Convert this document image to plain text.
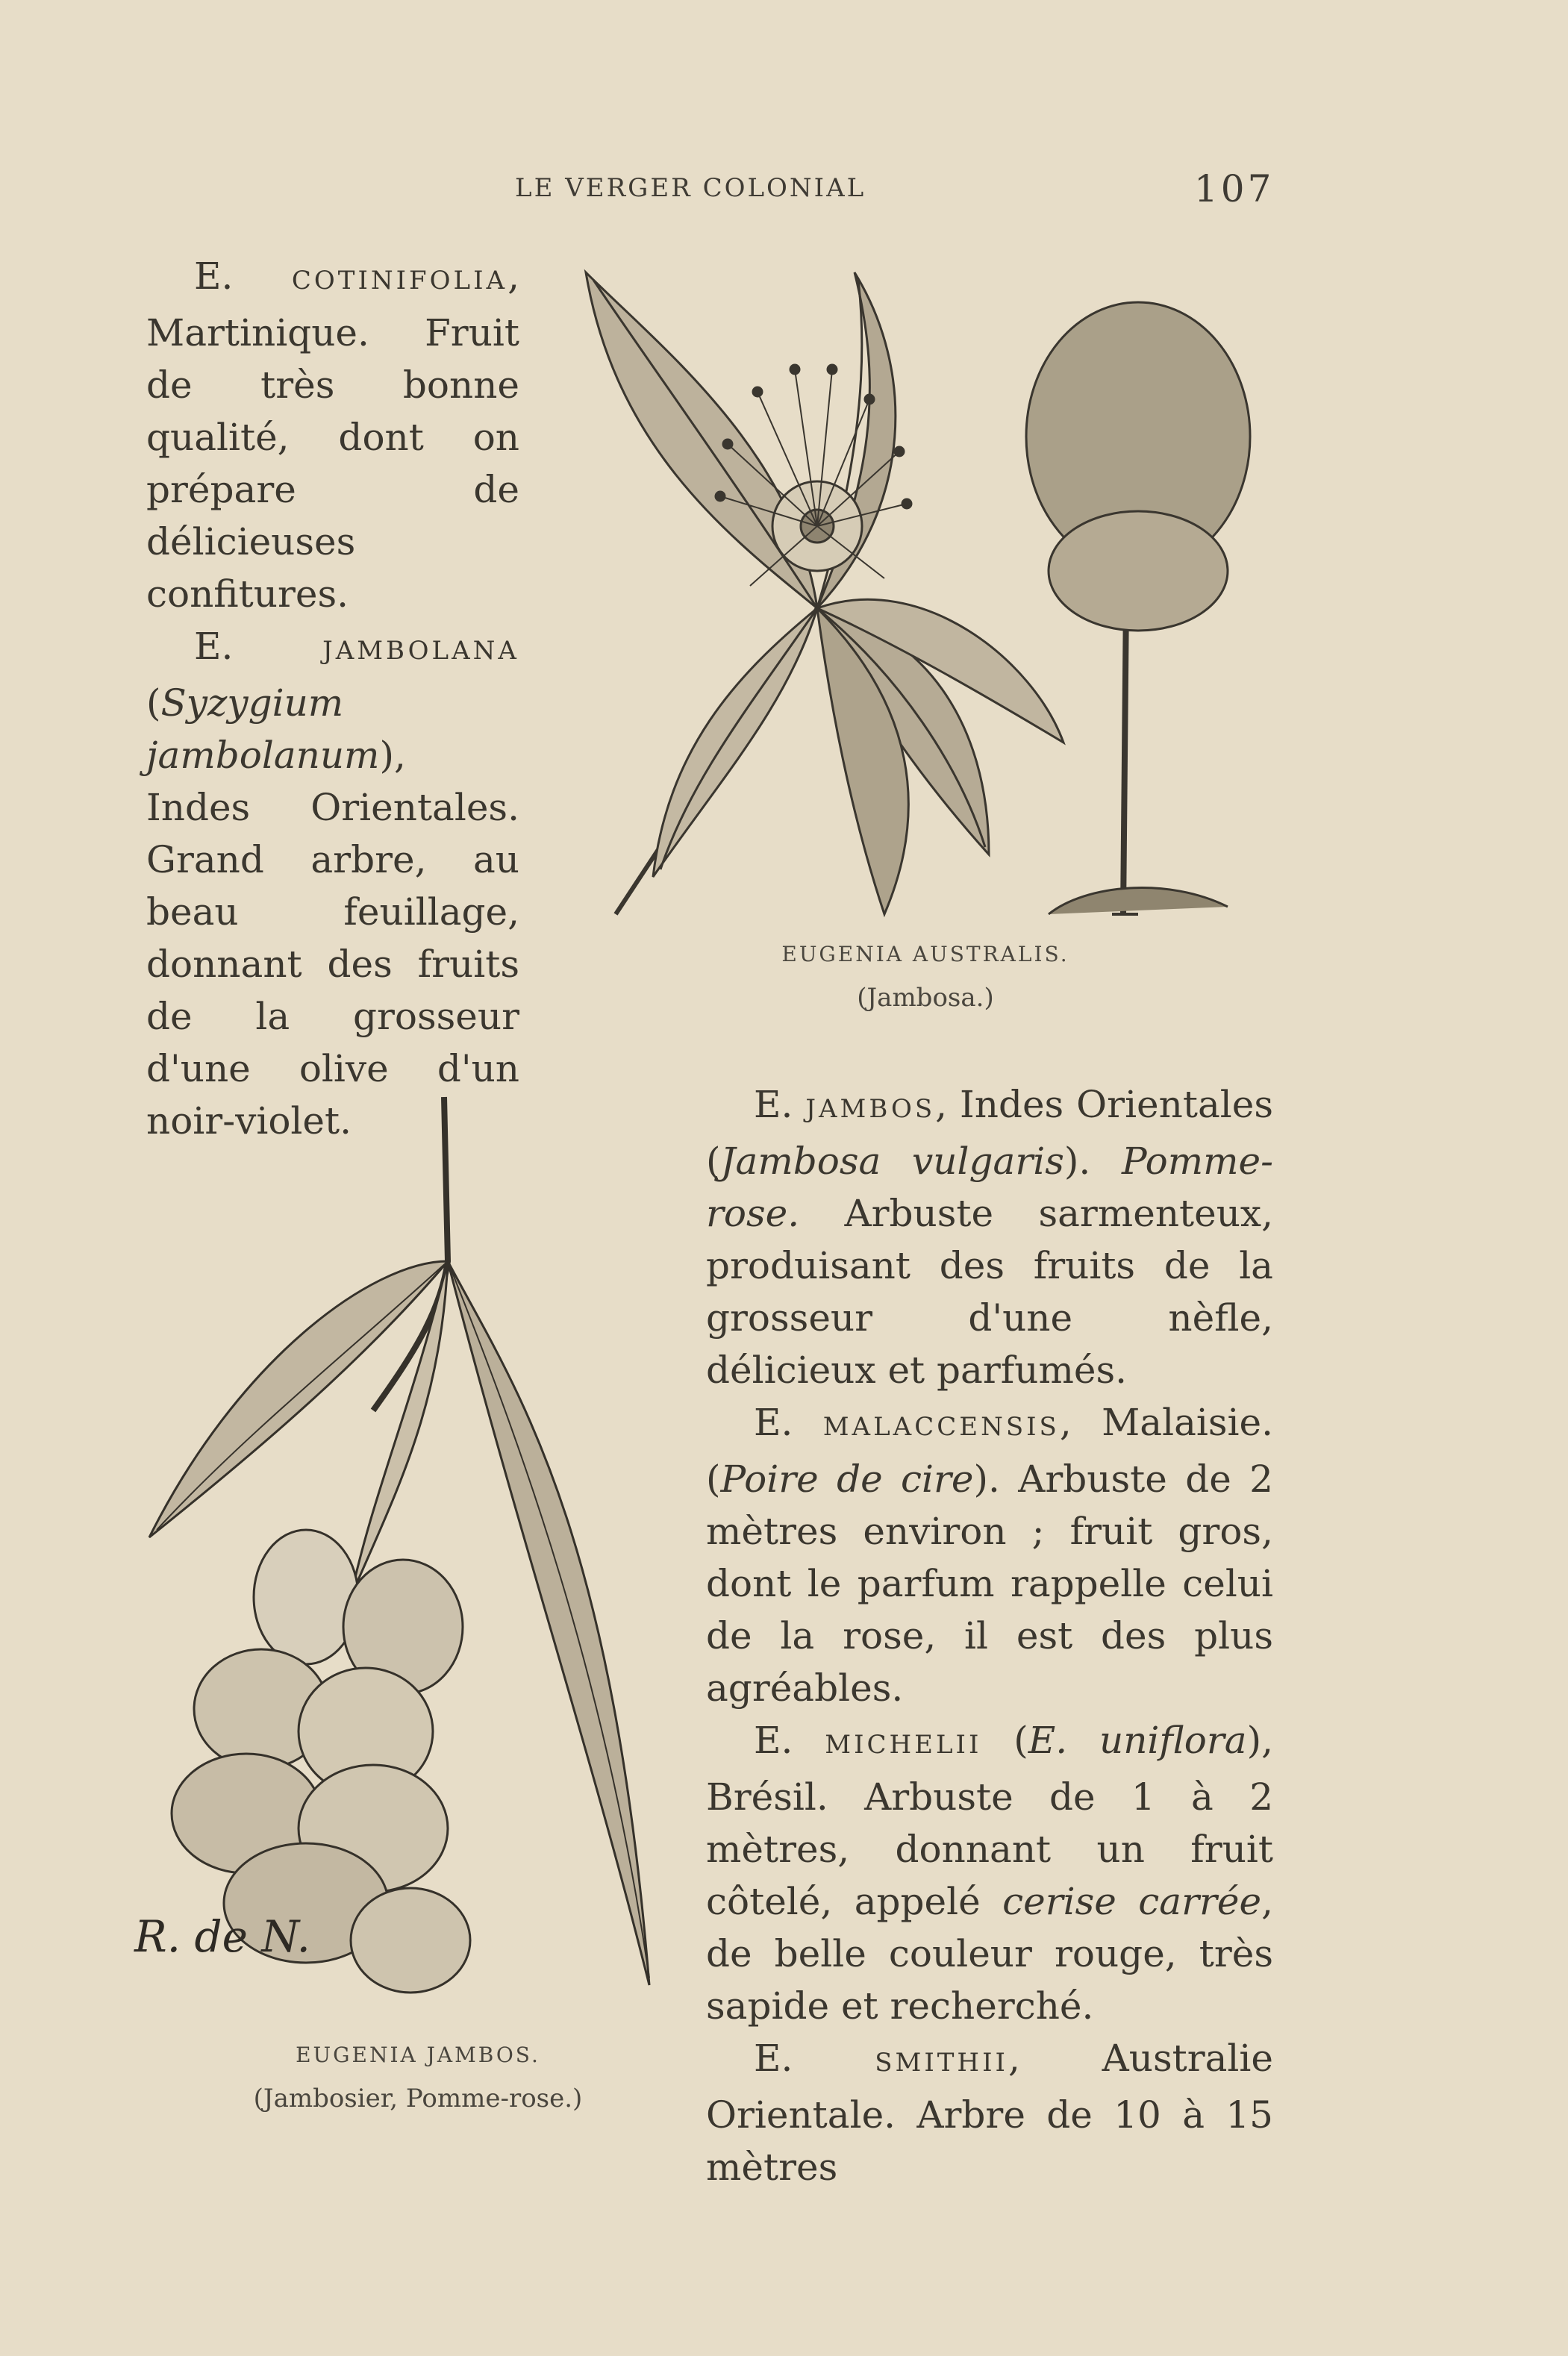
LE VERGER COLONIAL	107

E. COTINIFOLIA, Martinique. Fruit de très bonne qualité, dont on prépare de délicieuses confitures.

E.	JAMBOLANA (Syzygium jambolanum), Indes Orientales. Grand arbre, au beau feuillage, donnant des fruits de la grosseur d'une olive d'un noir-violet.

EUGENIA AUSTRALIS.
(Jambosa.)
R. de N.
EUGENIA JAMBOS.
(Jambosier, Pomme-rose.)

E. JAMBOS, Indes Orientales (Jambosa vulgaris). Pomme-rose. Arbuste sarmenteux, produisant des fruits de la grosseur d'une nèfle, délicieux et parfumés.

E. MALACCENSIS, Malaisie. (Poire de cire). Arbuste de 2 mètres environ ; fruit gros, dont le parfum rappelle celui de la rose, il est des plus agréables.

E. MICHELII (E. uniflora), Brésil. Arbuste de 1 à 2 mètres, donnant un fruit côtelé, appelé cerise carrée, de belle couleur rouge, très sapide et recherché.

E.	SMITHII, Australie Orientale. Arbre de 10 à 15 mètres
